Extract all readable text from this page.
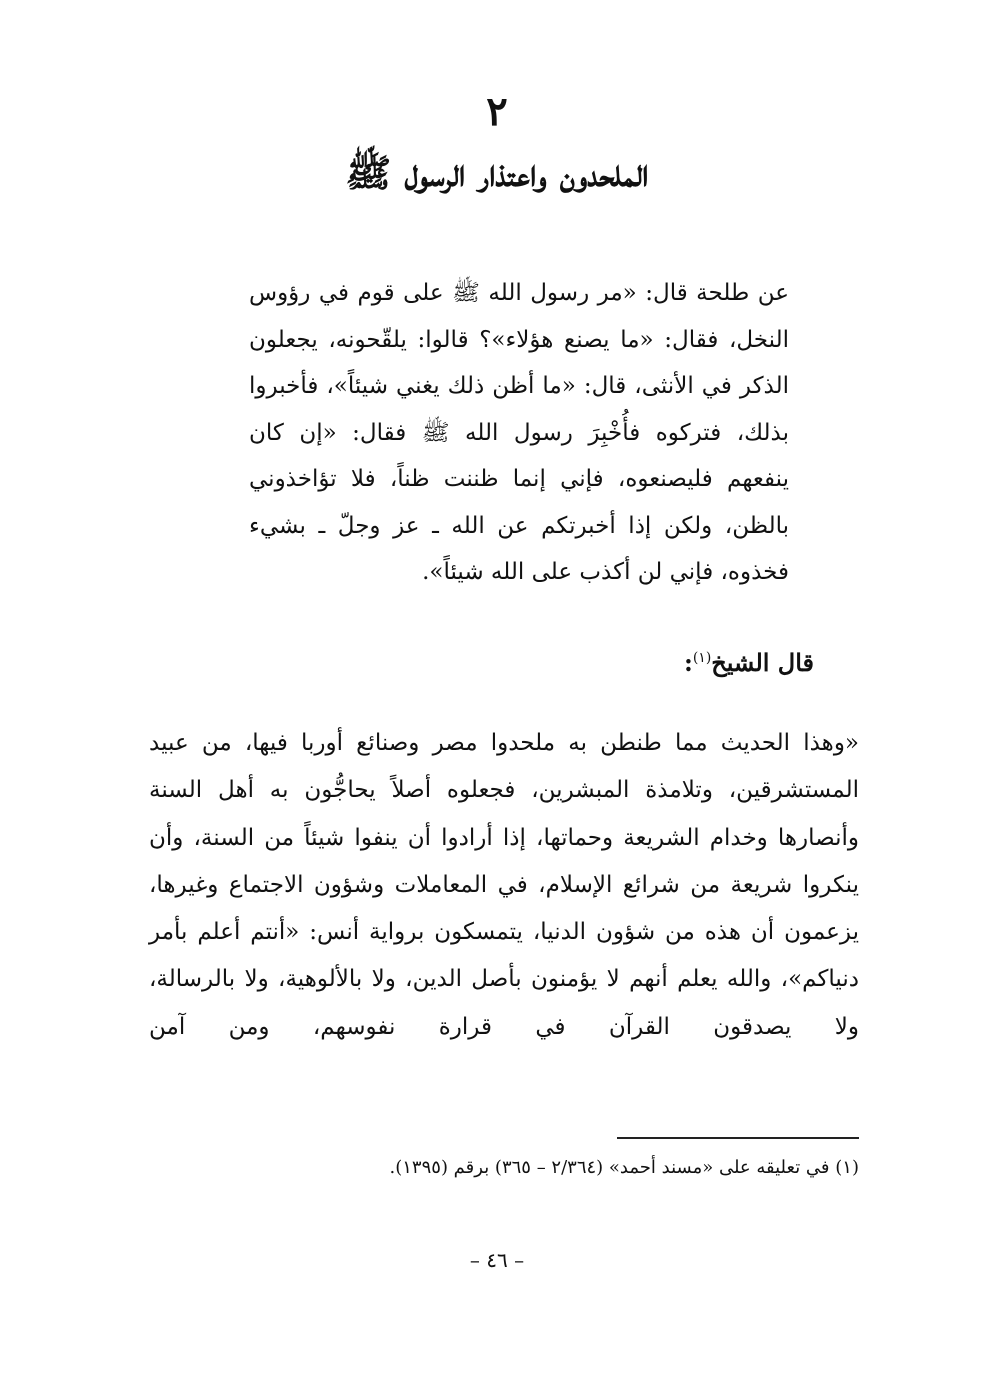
٢
الملحدون واعتذار الرسول ﷺ

عن طلحة قال: «مر رسول الله ﷺ على قوم في رؤوس النخل، فقال: «ما يصنع هؤلاء»؟ قالوا: يلقّحونه، يجعلون الذكر في الأنثى، قال: «ما أظن ذلك يغني شيئاً»، فأخبروا بذلك، فتركوه فأُخْبِرَ رسول الله ﷺ فقال: «إن كان ينفعهم فليصنعوه، فإني إنما ظننت ظناً، فلا تؤاخذوني بالظن، ولكن إذا أخبرتكم عن الله ـ عز وجلّ ـ بشيء فخذوه، فإني لن أكذب على الله شيئاً».

قال الشيخ$^{(١)}$:

«وهذا الحديث مما طنطن به ملحدوا مصر وصنائع أوربا فيها، من عبيد المستشرقين، وتلامذة المبشرين، فجعلوه أصلاً يحاجُّون به أهل السنة وأنصارها وخدام الشريعة وحماتها، إذا أرادوا أن ينفوا شيئاً من السنة، وأن ينكروا شريعة من شرائع الإسلام، في المعاملات وشؤون الاجتماع وغيرها، يزعمون أن هذه من شؤون الدنيا، يتمسكون برواية أنس: «أنتم أعلم بأمر دنياكم»، والله يعلم أنهم لا يؤمنون بأصل الدين، ولا بالألوهية، ولا بالرسالة، ولا يصدقون القرآن في قرارة نفوسهم، ومن آمن

(١) في تعليقه على «مسند أحمد» (٢/٣٦٤ – ٣٦٥) برقم (١٣٩٥).
– ٤٦ –
